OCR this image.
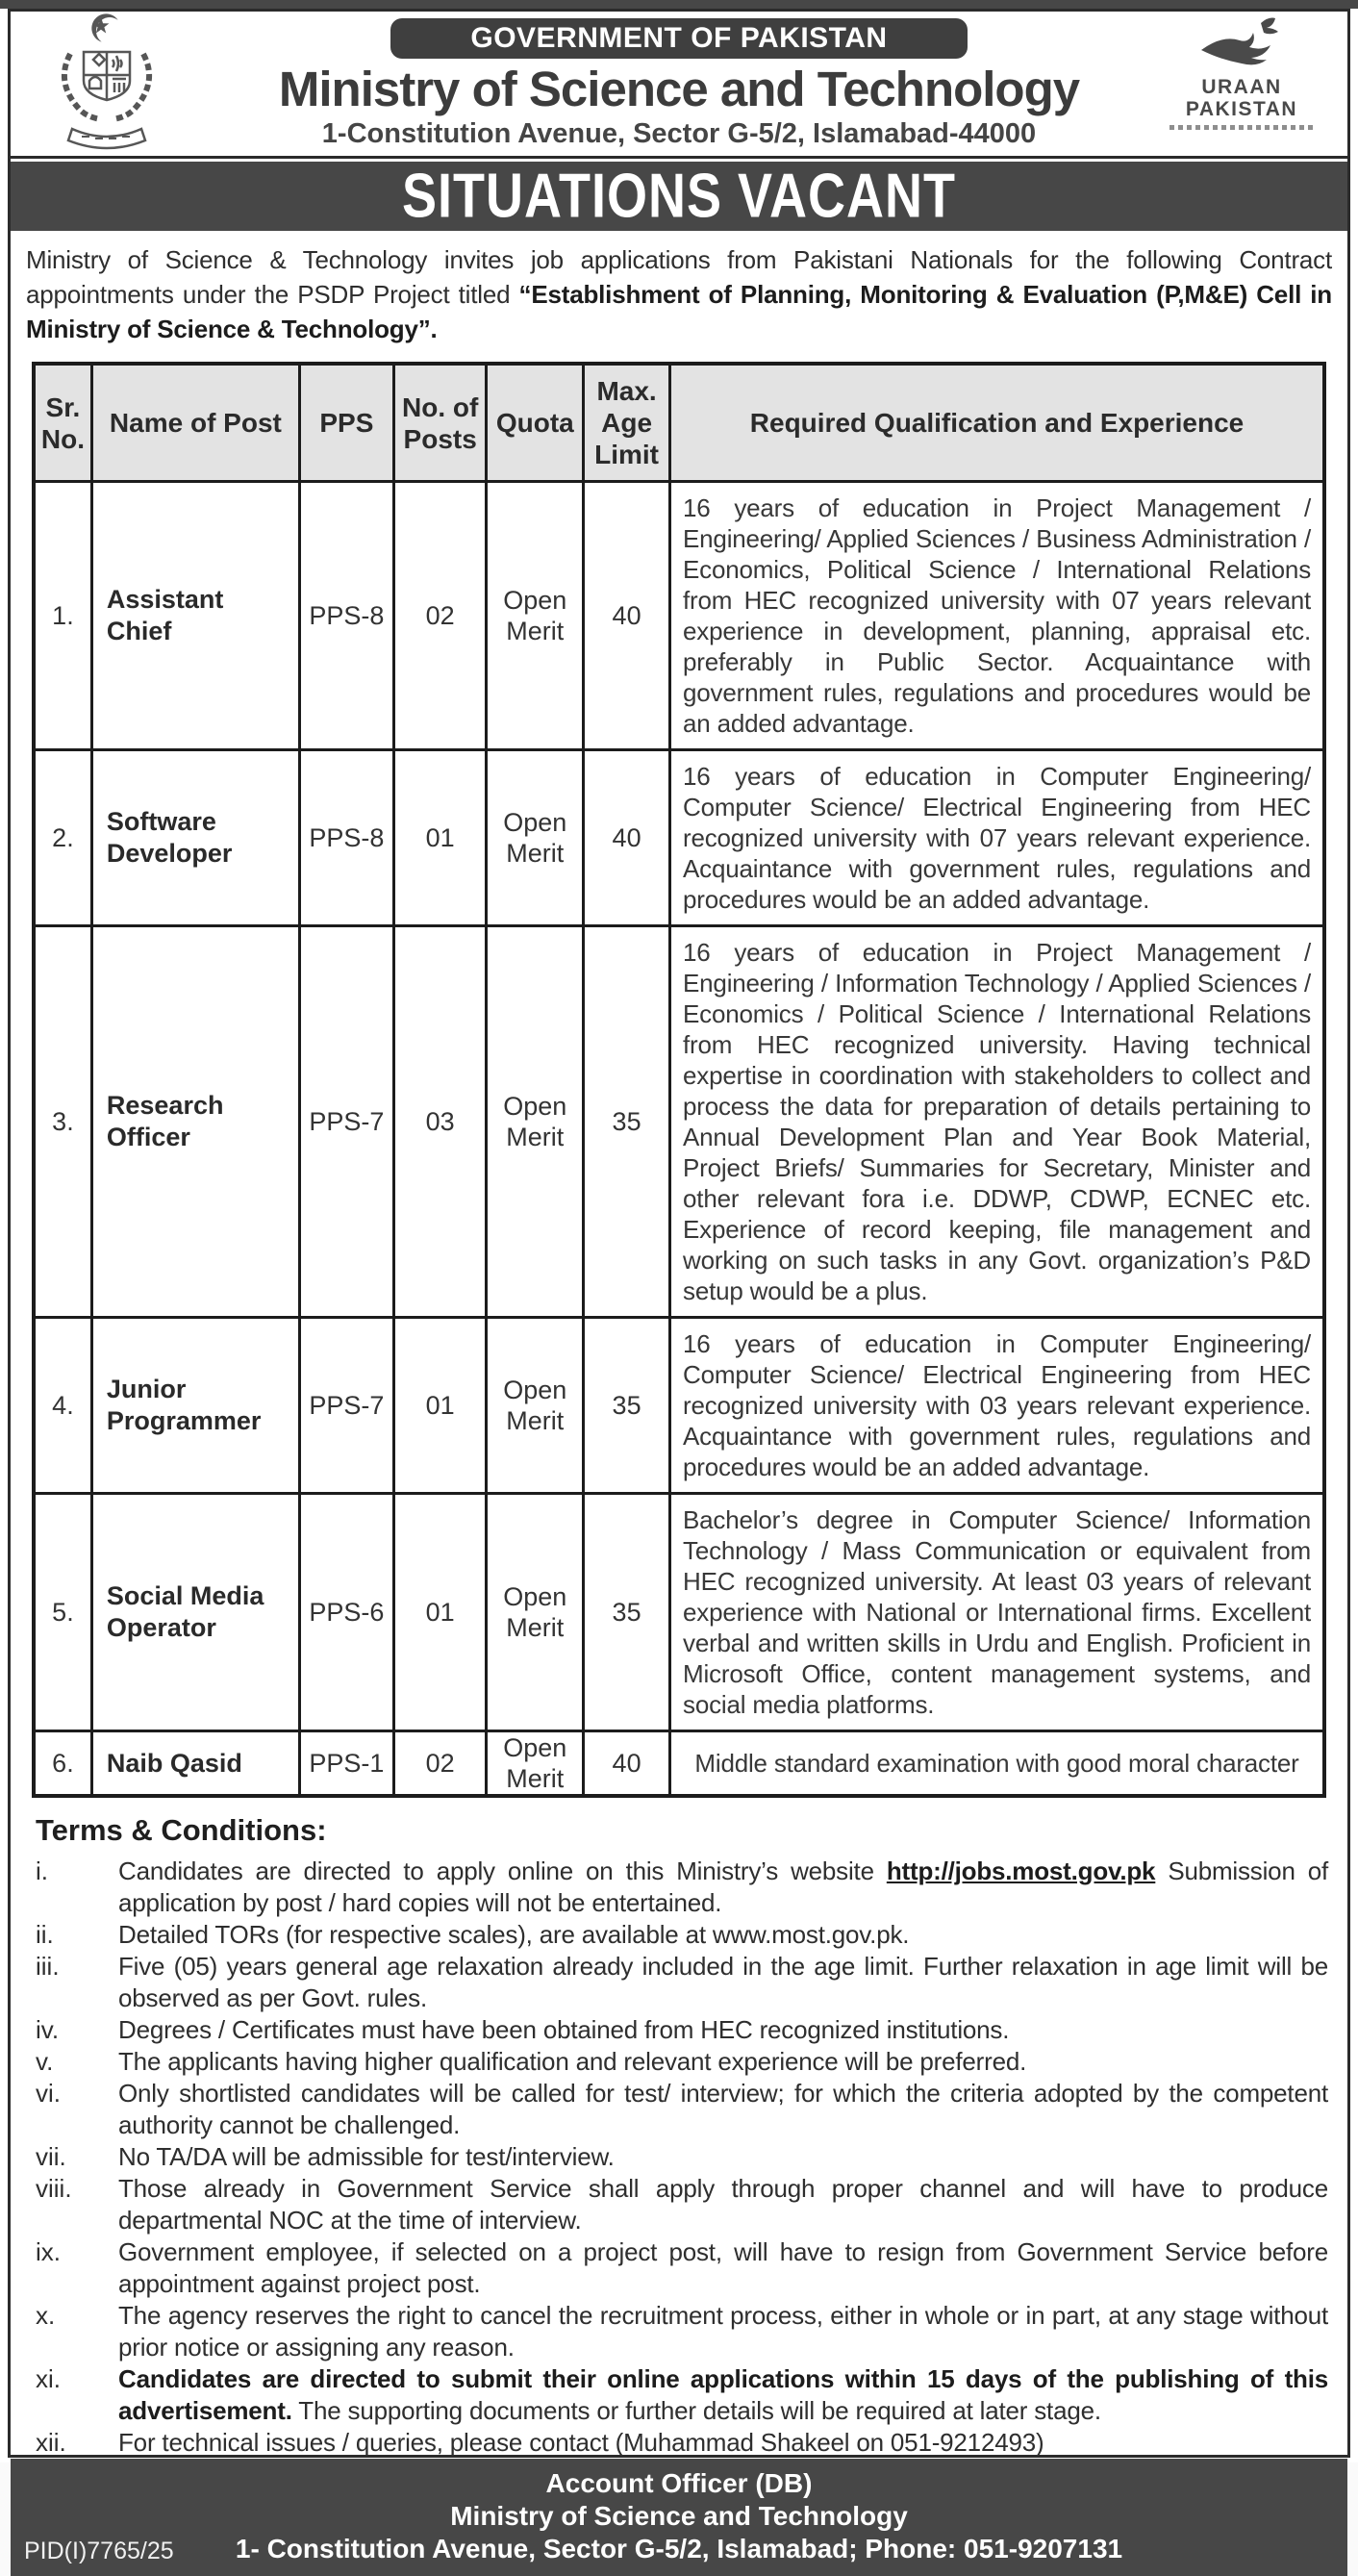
URAAN
PAKISTAN
GOVERNMENT OF PAKISTAN
Ministry of Science and Technology
1-Constitution Avenue, Sector G-5/2, Islamabad-44000
SITUATIONS VACANT

Ministry of Science & Technology invites job applications from Pakistani Nationals for the following Contract appointments under the PSDP Project titled “Establishment of Planning, Monitoring & Evaluation (P,M&E) Cell in Ministry of Science & Technology”.

Sr. No.	Name of Post	PPS	No. of Posts	Quota	Max. Age Limit	Required Qualification and Experience
1.	Assistant Chief	PPS-8	02	Open Merit	40	16 years of education in Project Management / Engineering/ Applied Sciences / Business Administration / Economics, Political Science / International Relations from HEC recognized university with 07 years relevant experience in development, planning, appraisal etc. preferably in Public Sector. Acquaintance with government rules, regulations and procedures would be an added advantage.
2.	Software Developer	PPS-8	01	Open Merit	40	16 years of education in Computer Engineering/ Computer Science/ Electrical Engineering from HEC recognized university with 07 years relevant experience. Acquaintance with government rules, regulations and procedures would be an added advantage.
3.	Research Officer	PPS-7	03	Open Merit	35	16 years of education in Project Management / Engineering / Information Technology / Applied Sciences / Economics / Political Science / International Relations from HEC recognized university. Having technical expertise in coordination with stakeholders to collect and process the data for preparation of details pertaining to Annual Development Plan and Year Book Material, Project Briefs/ Summaries for Secretary, Minister and other relevant fora i.e. DDWP, CDWP, ECNEC etc. Experience of record keeping, file management and working on such tasks in any Govt. organization’s P&D setup would be a plus.
4.	Junior Programmer	PPS-7	01	Open Merit	35	16 years of education in Computer Engineering/ Computer Science/ Electrical Engineering from HEC recognized university with 03 years relevant experience. Acquaintance with government rules, regulations and procedures would be an added advantage.
5.	Social Media Operator	PPS-6	01	Open Merit	35	Bachelor’s degree in Computer Science/ Information Technology / Mass Communication or equivalent from HEC recognized university. At least 03 years of relevant experience with National or International firms. Excellent verbal and written skills in Urdu and English. Proficient in Microsoft Office, content management systems, and social media platforms.
6.	Naib Qasid	PPS-1	02	Open Merit	40	Middle standard examination with good moral character
Terms & Conditions:
i.	Candidates are directed to apply online on this Ministry’s website http://jobs.most.gov.pk Submission of application by post / hard copies will not be entertained.
ii.	Detailed TORs (for respective scales), are available at www.most.gov.pk.
iii.	Five (05) years general age relaxation already included in the age limit. Further relaxation in age limit will be observed as per Govt. rules.
iv.	Degrees / Certificates must have been obtained from HEC recognized institutions.
v.	The applicants having higher qualification and relevant experience will be preferred.
vi.	Only shortlisted candidates will be called for test/ interview; for which the criteria adopted by the competent authority cannot be challenged.
vii.	No TA/DA will be admissible for test/interview.
viii.	Those already in Government Service shall apply through proper channel and will have to produce departmental NOC at the time of interview.
ix.	Government employee, if selected on a project post, will have to resign from Government Service before appointment against project post.
x.	The agency reserves the right to cancel the recruitment process, either in whole or in part, at any stage without prior notice or assigning any reason.
xi.	Candidates are directed to submit their online applications within 15 days of the publishing of this advertisement. The supporting documents or further details will be required at later stage.
xii.	For technical issues / queries, please contact (Muhammad Shakeel on 051-9212493)
Account Officer (DB)
Ministry of Science and Technology
1- Constitution Avenue, Sector G-5/2, Islamabad; Phone: 051-9207131
PID(I)7765/25
